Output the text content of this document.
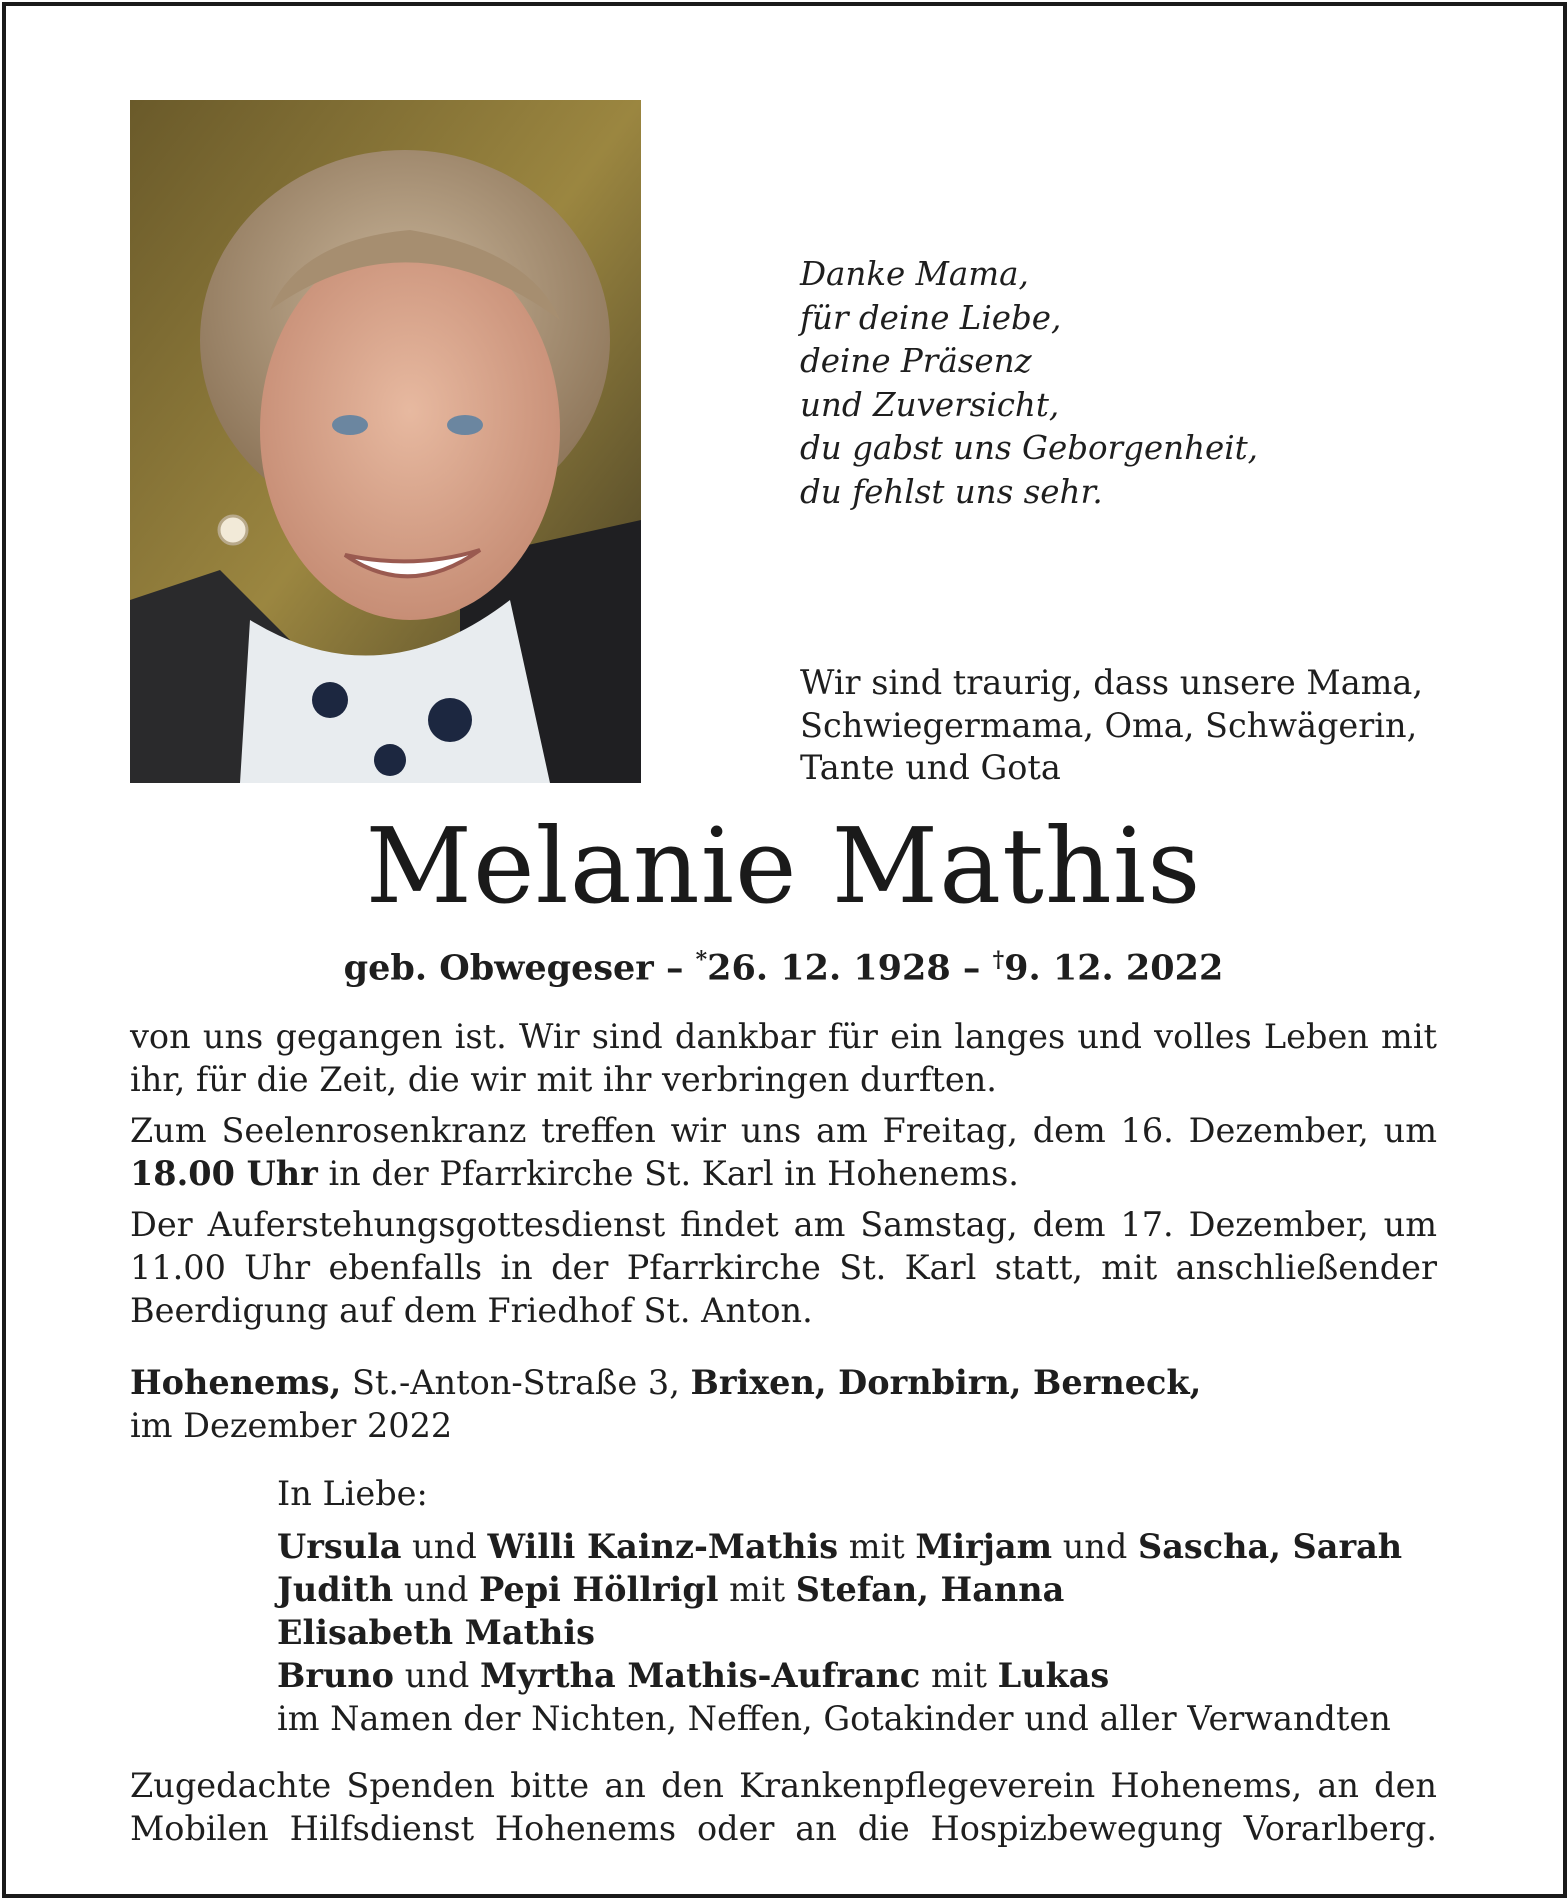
Danke Mama,
für deine Liebe,
deine Präsenz
und Zuversicht,
du gabst uns Geborgenheit,
du fehlst uns sehr.
Wir sind traurig, dass unsere Mama,
Schwiegermama, Oma, Schwägerin,
Tante und Gota
Melanie Mathis
geb. Obwegeser – *26. 12. 1928 – †9. 12. 2022
von uns gegangen ist. Wir sind dankbar für ein langes und volles Leben mit ihr, für die Zeit, die wir mit ihr verbringen durften.
Zum Seelenrosenkranz treffen wir uns am Freitag, dem 16. Dezember, um 18.00 Uhr in der Pfarrkirche St. Karl in Hohenems.
Der Auferstehungsgottesdienst findet am Samstag, dem 17. Dezember, um 11.00 Uhr ebenfalls in der Pfarrkirche St. Karl statt, mit anschließender Beerdigung auf dem Friedhof St. Anton.
Hohenems, St.-Anton-Straße 3, Brixen, Dornbirn, Berneck,
im Dezember 2022
In Liebe:
Ursula und Willi Kainz-Mathis mit Mirjam und Sascha, Sarah
Judith und Pepi Höllrigl mit Stefan, Hanna
Elisabeth Mathis
Bruno und Myrtha Mathis-Aufranc mit Lukas
im Namen der Nichten, Neffen, Gotakinder und aller Verwandten
Zugedachte Spenden bitte an den Krankenpflegeverein Hohenems, an den Mobilen Hilfsdienst Hohenems oder an die Hospizbewegung Vorarlberg.
